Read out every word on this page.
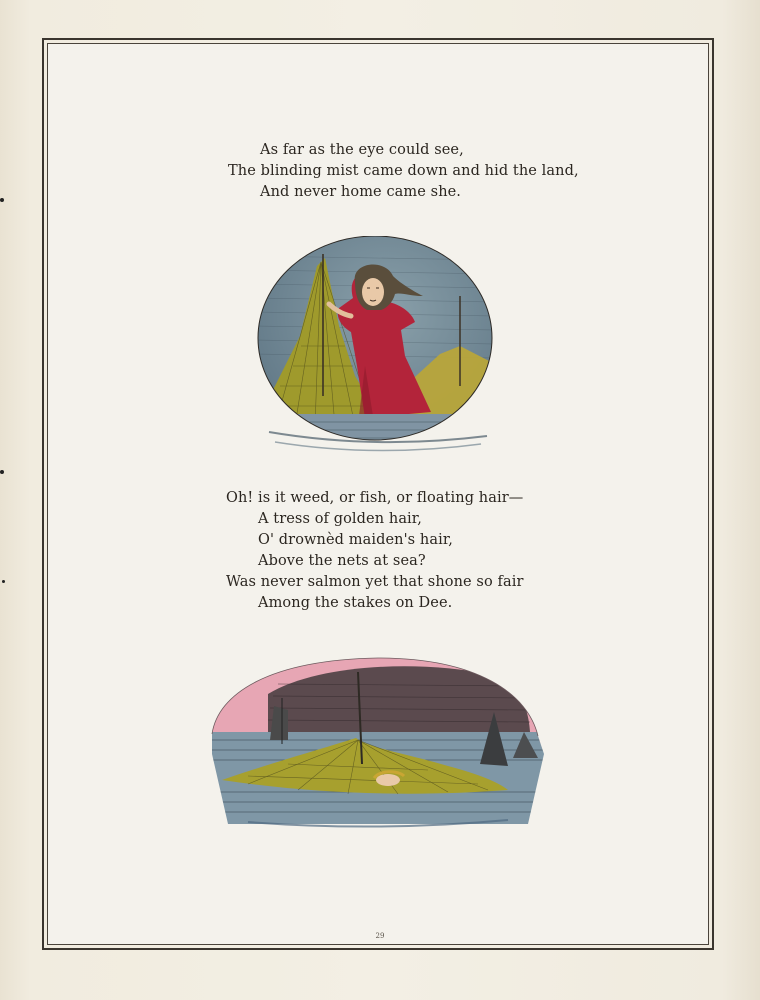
As far as the eye could see,
The blinding mist came down and hid the land,
And never home came she.
Oh! is it weed, or fish, or floating hair—
A tress of golden hair,
O' drownèd maiden's hair,
Above the nets at sea?
Was never salmon yet that shone so fair
Among the stakes on Dee.
29
